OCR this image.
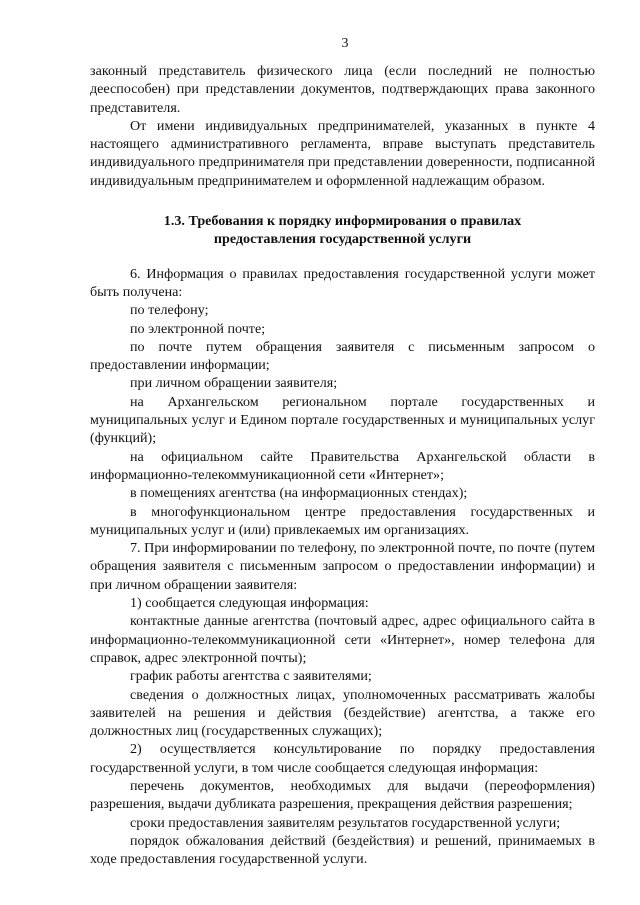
3

законный представитель физического лица (если последний не полностью дееспособен) при представлении документов, подтверждающих права законного представителя.

От имени индивидуальных предпринимателей, указанных в пункте 4 настоящего административного регламента, вправе выступать представитель индивидуального предпринимателя при представлении доверенности, подписанной индивидуальным предпринимателем и оформленной надлежащим образом.

1.3. Требования к порядку информирования о правилах
предоставления государственной услуги

6. Информация о правилах предоставления государственной услуги может быть получена:

по телефону;

по электронной почте;

по почте путем обращения заявителя с письменным запросом о предоставлении информации;

при личном обращении заявителя;

на Архангельском региональном портале государственных и муниципальных услуг и Едином портале государственных и муниципальных услуг (функций);

на официальном сайте Правительства Архангельской области в информационно-телекоммуникационной сети «Интернет»;

в помещениях агентства (на информационных стендах);

в многофункциональном центре предоставления государственных и муниципальных услуг и (или) привлекаемых им организациях.

7. При информировании по телефону, по электронной почте, по почте (путем обращения заявителя с письменным запросом о предоставлении информации) и при личном обращении заявителя:

1) сообщается следующая информация:

контактные данные агентства (почтовый адрес, адрес официального сайта в информационно-телекоммуникационной сети «Интернет», номер телефона для справок, адрес электронной почты);

график работы агентства с заявителями;

сведения о должностных лицах, уполномоченных рассматривать жалобы заявителей на решения и действия (бездействие) агентства, а также его должностных лиц (государственных служащих);

2) осуществляется консультирование по порядку предоставления государственной услуги, в том числе сообщается следующая информация:

перечень документов, необходимых для выдачи (переоформления) разрешения, выдачи дубликата разрешения, прекращения действия разрешения;

сроки предоставления заявителям результатов государственной услуги;

порядок обжалования действий (бездействия) и решений, принимаемых в ходе предоставления государственной услуги.
